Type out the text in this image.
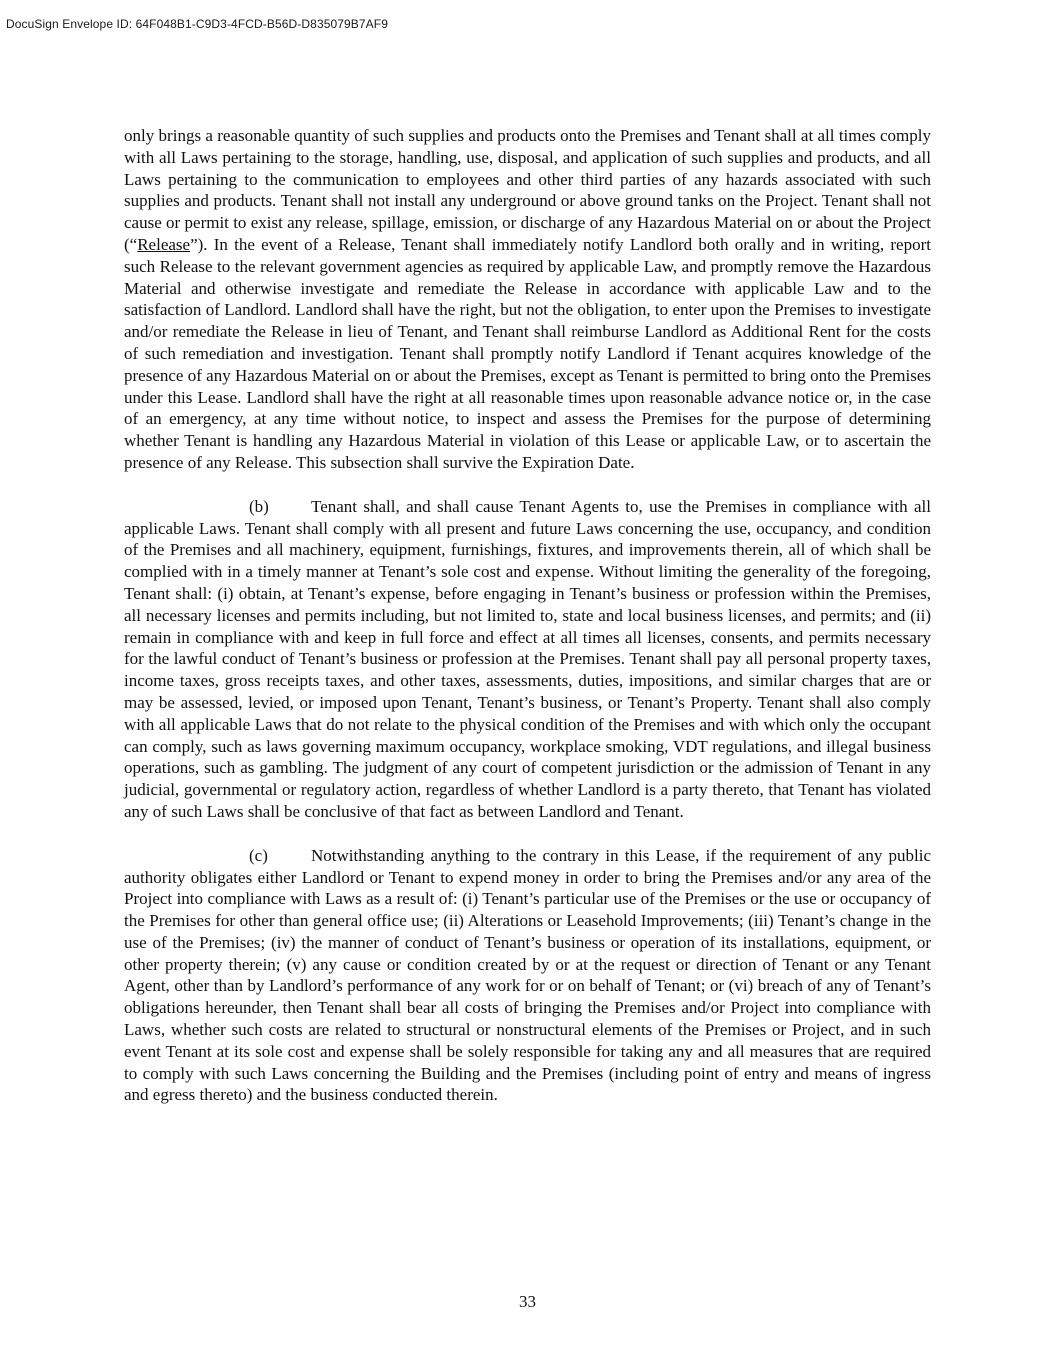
DocuSign Envelope ID: 64F048B1-C9D3-4FCD-B56D-D835079B7AF9

only brings a reasonable quantity of such supplies and products onto the Premises and Tenant shall at all times comply with all Laws pertaining to the storage, handling, use, disposal, and application of such supplies and products, and all Laws pertaining to the communication to employees and other third parties of any hazards associated with such supplies and products. Tenant shall not install any underground or above ground tanks on the Project. Tenant shall not cause or permit to exist any release, spillage, emission, or discharge of any Hazardous Material on or about the Project (“Release”). In the event of a Release, Tenant shall immediately notify Landlord both orally and in writing, report such Release to the relevant government agencies as required by applicable Law, and promptly remove the Hazardous Material and otherwise investigate and remediate the Release in accordance with applicable Law and to the satisfaction of Landlord. Landlord shall have the right, but not the obligation, to enter upon the Premises to investigate and/or remediate the Release in lieu of Tenant, and Tenant shall reimburse Landlord as Additional Rent for the costs of such remediation and investigation. Tenant shall promptly notify Landlord if Tenant acquires knowledge of the presence of any Hazardous Material on or about the Premises, except as Tenant is permitted to bring onto the Premises under this Lease. Landlord shall have the right at all reasonable times upon reasonable advance notice or, in the case of an emergency, at any time without notice, to inspect and assess the Premises for the purpose of determining whether Tenant is handling any Hazardous Material in violation of this Lease or applicable Law, or to ascertain the presence of any Release. This subsection shall survive the Expiration Date.

(b) Tenant shall, and shall cause Tenant Agents to, use the Premises in compliance with all applicable Laws. Tenant shall comply with all present and future Laws concerning the use, occupancy, and condition of the Premises and all machinery, equipment, furnishings, fixtures, and improvements therein, all of which shall be complied with in a timely manner at Tenant’s sole cost and expense. Without limiting the generality of the foregoing, Tenant shall: (i) obtain, at Tenant’s expense, before engaging in Tenant’s business or profession within the Premises, all necessary licenses and permits including, but not limited to, state and local business licenses, and permits; and (ii) remain in compliance with and keep in full force and effect at all times all licenses, consents, and permits necessary for the lawful conduct of Tenant’s business or profession at the Premises. Tenant shall pay all personal property taxes, income taxes, gross receipts taxes, and other taxes, assessments, duties, impositions, and similar charges that are or may be assessed, levied, or imposed upon Tenant, Tenant’s business, or Tenant’s Property. Tenant shall also comply with all applicable Laws that do not relate to the physical condition of the Premises and with which only the occupant can comply, such as laws governing maximum occupancy, workplace smoking, VDT regulations, and illegal business operations, such as gambling. The judgment of any court of competent jurisdiction or the admission of Tenant in any judicial, governmental or regulatory action, regardless of whether Landlord is a party thereto, that Tenant has violated any of such Laws shall be conclusive of that fact as between Landlord and Tenant.

(c)	Notwithstanding anything to the contrary in this Lease, if the requirement of any public authority obligates either Landlord or Tenant to expend money in order to bring the Premises and/or any area of the Project into compliance with Laws as a result of: (i) Tenant’s particular use of the Premises or the use or occupancy of the Premises for other than general office use; (ii) Alterations or Leasehold Improvements; (iii) Tenant’s change in the use of the Premises; (iv) the manner of conduct of Tenant’s business or operation of its installations, equipment, or other property therein; (v) any cause or condition created by or at the request or direction of Tenant or any Tenant Agent, other than by Landlord’s performance of any work for or on behalf of Tenant; or (vi) breach of any of Tenant’s obligations hereunder, then Tenant shall bear all costs of bringing the Premises and/or Project into compliance with Laws, whether such costs are related to structural or nonstructural elements of the Premises or Project, and in such event Tenant at its sole cost and expense shall be solely responsible for taking any and all measures that are required to comply with such Laws concerning the Building and the Premises (including point of entry and means of ingress and egress thereto) and the business conducted therein.

33
